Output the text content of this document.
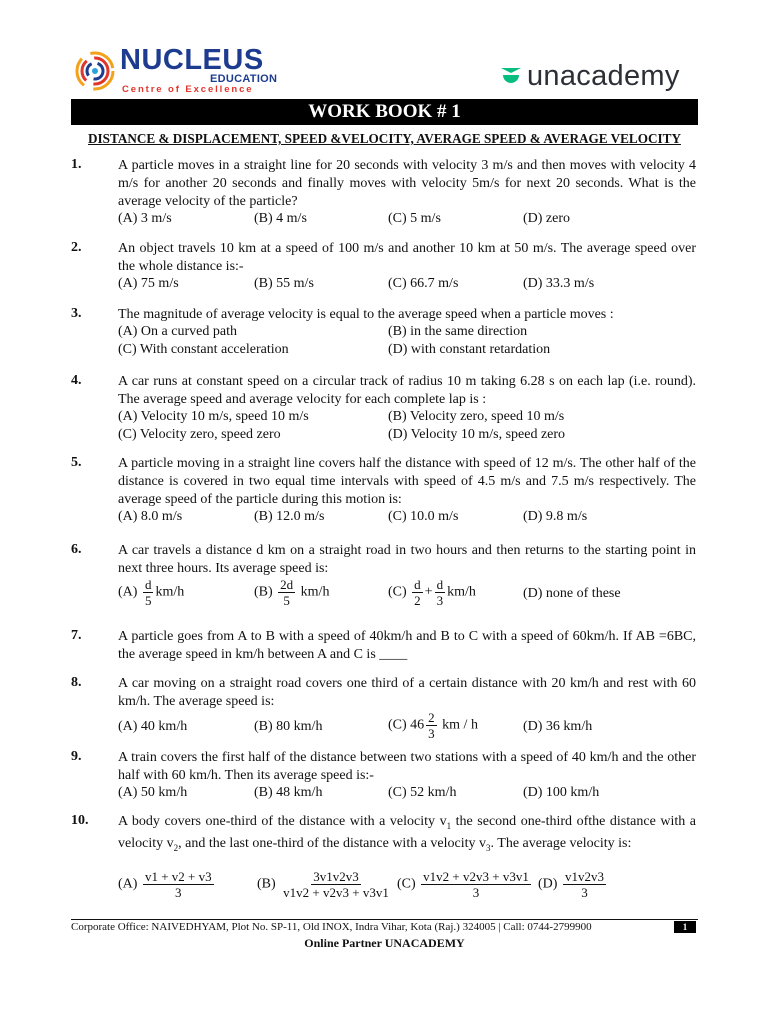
NUCLEUS
EDUCATION
Centre of Excellence	unacademy
WORK BOOK # 1
DISTANCE & DISPLACEMENT, SPEED &VELOCITY, AVERAGE SPEED & AVERAGE VELOCITY
1.	A particle moves in a straight line for 20 seconds with velocity 3 m/s and then moves with velocity 4 m/s for another 20 seconds and finally moves with velocity 5m/s for next 20 seconds. What is the average velocity of the particle?
(A) 3 m/s	(B) 4 m/s	(C) 5 m/s	(D) zero
2.	An object travels 10 km at a speed of 100 m/s and another 10 km at 50 m/s. The average speed over the whole distance is:-
(A) 75 m/s	(B) 55 m/s	(C) 66.7 m/s	(D) 33.3 m/s
3.	The magnitude of average velocity is equal to the average speed when a particle moves :
(A) On a curved path	(B) in the same direction
(C) With constant acceleration	(D) with constant retardation
4.	A car runs at constant speed on a circular track of radius 10 m taking 6.28 s on each lap (i.e. round). The average speed and average velocity for each complete lap is :
(A) Velocity 10 m/s, speed 10 m/s	(B) Velocity zero, speed 10 m/s
(C) Velocity zero, speed zero	(D) Velocity 10 m/s, speed zero
5.	A particle moving in a straight line covers half the distance with speed of 12 m/s. The other half of the distance is covered in two equal time intervals with speed of 4.5 m/s and 7.5 m/s respectively. The average speed of the particle during this motion is:
(A) 8.0 m/s	(B) 12.0 m/s	(C) 10.0 m/s	(D) 9.8 m/s
6.	A car travels a distance d km on a straight road in two hours and then returns to the starting point in next three hours. Its average speed is:
$(A) \frac{d}{5} km/h$	$(B) \frac{2d}{5} km/h$	$(C) \frac{d}{2} + \frac{d}{3} km/h$	(D) none of these
7.	A particle goes from A to B with a speed of 40km/h and B to C with a speed of 60km/h. If AB =6BC, the average speed in km/h between A and C is ____
8.	A car moving on a straight road covers one third of a certain distance with 20 km/h and rest with 60 km/h. The average speed is:
(A) 40 km/h	(B) 80 km/h	(C) $46 \frac{2}{3}$ km / h	(D) 36 km/h
9.	A train covers the first half of the distance between two stations with a speed of 40 km/h and the other half with 60 km/h. Then its average speed is:-
(A) 50 km/h	(B) 48 km/h	(C) 52 km/h	(D) 100 km/h
10. A body covers one-third of the distance with a velocity $v_1$ the second one-third ofthe distance with a velocity $v_2$, and the last one-third of the distance with a velocity $v_3$. The average velocity is:
$(A) \frac{v1 + v2 + v3}{3}$	$(B) \frac{3v1v2v3}{v1v2 + v2v3 + v3v1} (C) \frac{v1v2 + v2v3 + v3v1}{3} (D) \frac{v1v2v3}{3}$
Corporate Office: NAIVEDHYAM, Plot No. SP-11, Old INOX, Indra Vihar, Kota (Raj.) 324005 | Call: 0744-2799900	1
Online Partner UNACADEMY
